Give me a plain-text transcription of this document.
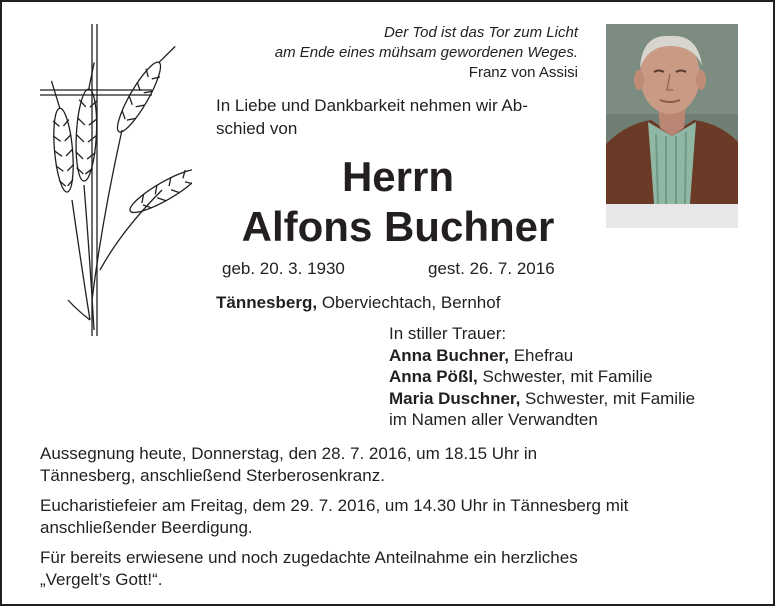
Der Tod ist das Tor zum Licht
am Ende eines mühsam gewordenen Weges.
Franz von Assisi
In Liebe und Dankbarkeit nehmen wir Ab-
schied von
Herrn
Alfons Buchner
geb. 20. 3. 1930	gest. 26. 7. 2016
Tännesberg, Oberviechtach, Bernhof
In stiller Trauer:
Anna Buchner, Ehefrau
Anna Pößl, Schwester, mit Familie
Maria Duschner, Schwester, mit Familie
im Namen aller Verwandten

Aussegnung heute, Donnerstag, den 28. 7. 2016, um 18.15 Uhr in
Tännesberg, anschließend Sterberosenkranz.

Eucharistiefeier am Freitag, dem 29. 7. 2016, um 14.30 Uhr in Tännesberg mit
anschließender Beerdigung.

Für bereits erwiesene und noch zugedachte Anteilnahme ein herzliches
„Vergelt’s Gott!“.
